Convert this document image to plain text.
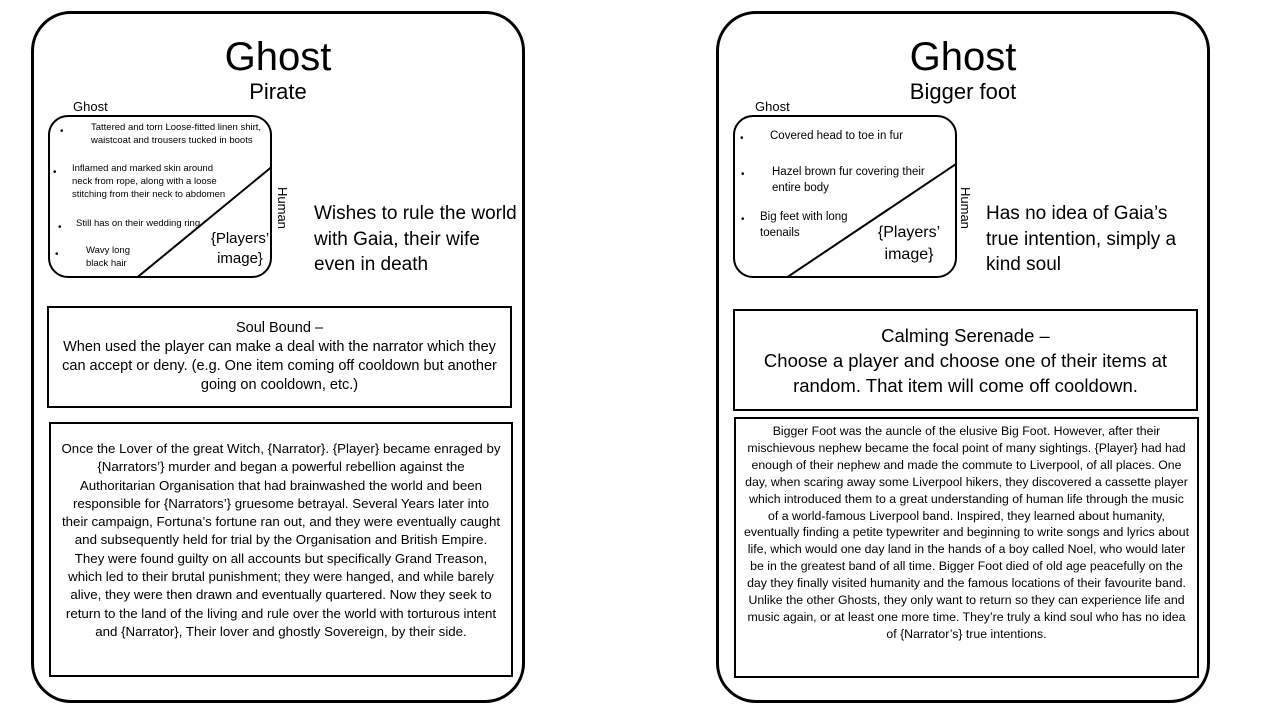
Ghost
Pirate
Ghost
•	Tattered and torn Loose-fitted linen shirt, waistcoat and trousers tucked in boots
• Inflamed and marked skin around neck from rope, along with a loose stitching from their neck to abdomen
• Still has on their wedding ring
•	Wavy long black hair
{Players’ image}
Human Wishes to rule the world with Gaia, their wife even in death
Soul Bound –
When used the player can make a deal with the narrator which they can accept or deny. (e.g. One item coming off cooldown but another going on cooldown, etc.)
Once the Lover of the great Witch, {Narrator}. {Player} became enraged by {Narrators’} murder and began a powerful rebellion against the Authoritarian Organisation that had brainwashed the world and been responsible for {Narrators’} gruesome betrayal. Several Years later into their campaign, Fortuna’s fortune ran out, and they were eventually caught and subsequently held for trial by the Organisation and British Empire. They were found guilty on all accounts but specifically Grand Treason, which led to their brutal punishment; they were hanged, and while barely alive, they were then drawn and eventually quartered. Now they seek to return to the land of the living and rule over the world with torturous intent and {Narrator}, Their lover and ghostly Sovereign, by their side.
Ghost
Bigger foot
Ghost
• Covered head to toe in fur
• Hazel brown fur covering their entire body
• Big feet with long toenails	{Players’ image}
Human Has no idea of Gaia’s true intention, simply a kind soul
Calming Serenade –
Choose a player and choose one of their items at random. That item will come off cooldown.
Bigger Foot was the auncle of the elusive Big Foot. However, after their mischievous nephew became the focal point of many sightings. {Player} had had enough of their nephew and made the commute to Liverpool, of all places. One day, when scaring away some Liverpool hikers, they discovered a cassette player which introduced them to a great understanding of human life through the music of a world-famous Liverpool band. Inspired, they learned about humanity, eventually finding a petite typewriter and beginning to write songs and lyrics about life, which would one day land in the hands of a boy called Noel, who would later be in the greatest band of all time. Bigger Foot died of old age peacefully on the day they finally visited humanity and the famous locations of their favourite band. Unlike the other Ghosts, they only want to return so they can experience life and music again, or at least one more time. They’re truly a kind soul who has no idea of {Narrator’s} true intentions.
